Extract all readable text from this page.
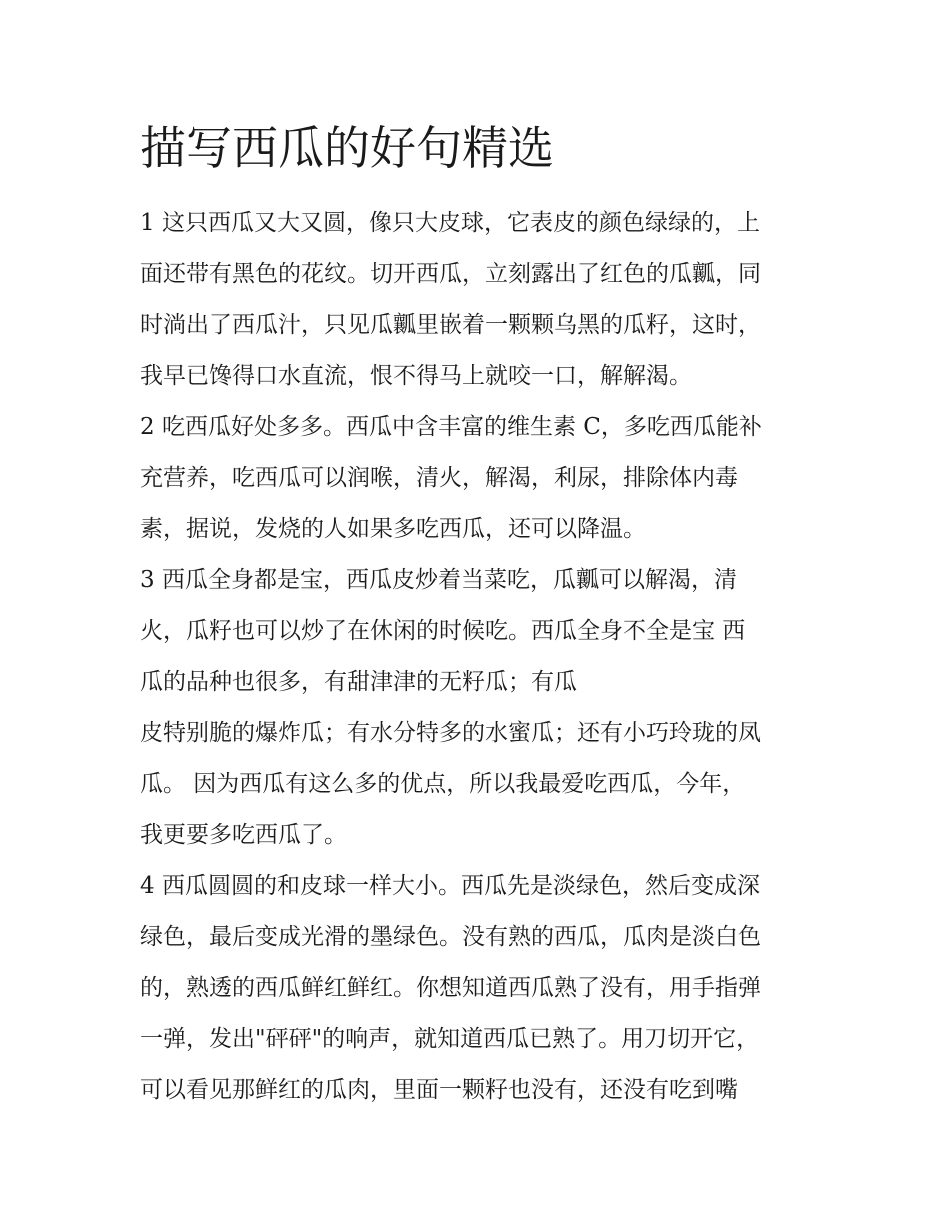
描写西瓜的好句精选
1 这只西瓜又大又圆，像只大皮球，它表皮的颜色绿绿的，上
面还带有黑色的花纹。切开西瓜，立刻露出了红色的瓜瓤，同
时淌出了西瓜汁，只见瓜瓤里嵌着一颗颗乌黑的瓜籽，这时，
我早已馋得口水直流，恨不得马上就咬一口，解解渴。
2 吃西瓜好处多多。西瓜中含丰富的维生素 C，多吃西瓜能补
充营养，吃西瓜可以润喉，清火，解渴，利尿，排除体内毒
素，据说，发烧的人如果多吃西瓜，还可以降温。
3 西瓜全身都是宝，西瓜皮炒着当菜吃，瓜瓤可以解渴，清
火，瓜籽也可以炒了在休闲的时候吃。西瓜全身不全是宝 西
瓜的品种也很多，有甜津津的无籽瓜；有瓜
皮特别脆的爆炸瓜；有水分特多的水蜜瓜；还有小巧玲珑的凤
瓜。 因为西瓜有这么多的优点，所以我最爱吃西瓜，今年，
我更要多吃西瓜了。
4 西瓜圆圆的和皮球一样大小。西瓜先是淡绿色，然后变成深
绿色，最后变成光滑的墨绿色。没有熟的西瓜，瓜肉是淡白色
的，熟透的西瓜鲜红鲜红。你想知道西瓜熟了没有，用手指弹
一弹，发出"砰砰"的响声，就知道西瓜已熟了。用刀切开它，
可以看见那鲜红的瓜肉，里面一颗籽也没有，还没有吃到嘴
